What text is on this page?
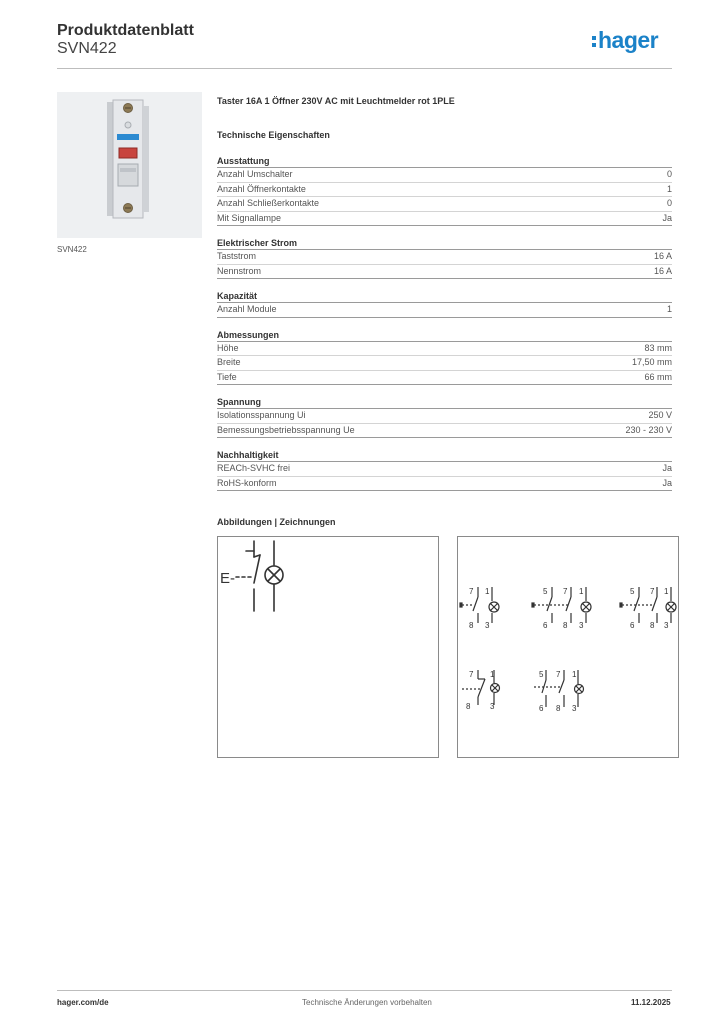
Produktdatenblatt
SVN422	hager
SVN422
Taster 16A 1 Öffner 230V AC mit Leuchtmelder rot 1PLE
Technische Eigenschaften
Ausstattung
Anzahl Umschalter	0
Anzahl Öffnerkontakte	1
Anzahl Schließerkontakte	0
Mit Signallampe	Ja
Elektrischer Strom
Taststrom	16 A
Nennstrom	16 A
Kapazität
Anzahl Module	1
Abmessungen
Höhe	83 mm
Breite	17,50 mm
Tiefe	66 mm
Spannung
Isolationsspannung Ui	250 V
Bemessungsbetriebsspannung Ue	230 - 230 V
Nachhaltigkeit
REACh-SVHC frei	Ja
RoHS-konform	Ja
Abbildungen | Zeichnungen
E-
7 1
8 3
5 7 1
6 8 3
5 7 1
6 8 3
7 1
8 3
5 7 1
6 8 3
hager.com/de	Technische Änderungen vorbehalten	11.12.2025
